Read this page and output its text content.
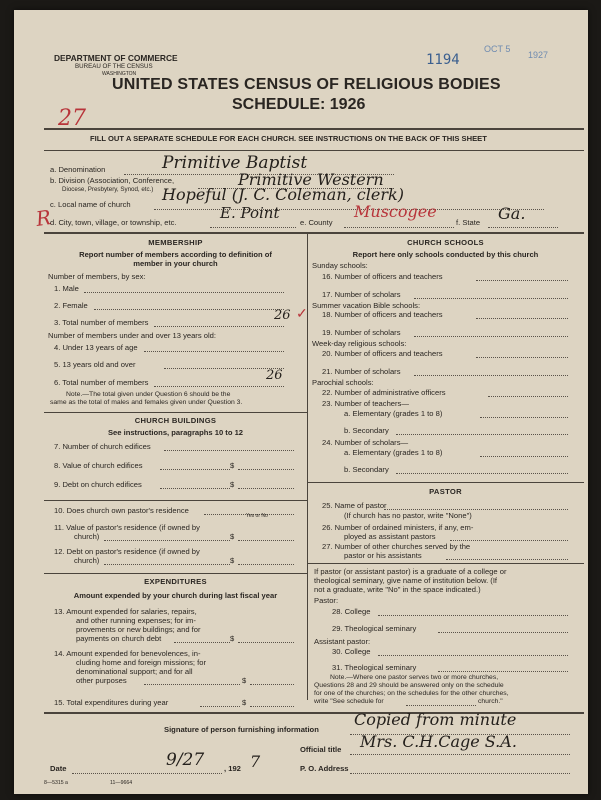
DEPARTMENT OF COMMERCE
BUREAU OF THE CENSUS
WASHINGTON
1194
OCT 5
1927
UNITED STATES CENSUS OF RELIGIOUS BODIES
SCHEDULE: 1926
27
FILL OUT A SEPARATE SCHEDULE FOR EACH CHURCH. SEE INSTRUCTIONS ON THE BACK OF THIS SHEET
a. Denomination	Primitive Baptist
b. Division (Association, Conference,
Diocese, Presbytery, Synod, etc.)
Primitive Western
c. Local name of church
Hopeful (J. C. Coleman, clerk)
R
d. City, town, village, or township, etc.
E. Point
e. County
Muscogee
f. State Ga.
MEMBERSHIP
Report number of members according to definition of
member in your church
Number of members, by sex:
1. Male
2. Female
3. Total number of members	26 ✓
Number of members under and over 13 years old:
4. Under 13 years of age
5. 13 years old and over
6. Total number of members	26
Note.—The total given under Question 6 should be the
same as the total of males and females given under Question 3.
CHURCH BUILDINGS
See instructions, paragraphs 10 to 12
7. Number of church edifices
8. Value of church edifices	$
9. Debt on church edifices	$
10. Does church own pastor's residence
Yes or No
11. Value of pastor's residence (if owned by
church)	$
12. Debt on pastor's residence (if owned by
church)	$
EXPENDITURES
Amount expended by your church during last fiscal year
13. Amount expended for salaries, repairs,
and other running expenses; for im-
provements or new buildings; and for
payments on church debt	$
14. Amount expended for benevolences, in-
cluding home and foreign missions; for
denominational support; and for all
other purposes	$
15. Total expenditures during year	$
CHURCH SCHOOLS
Report here only schools conducted by this church
Sunday schools:
16. Number of officers and teachers
17. Number of scholars
Summer vacation Bible schools:
18. Number of officers and teachers
19. Number of scholars
Week-day religious schools:
20. Number of officers and teachers
21. Number of scholars
Parochial schools:
22. Number of administrative officers
23. Number of teachers—
a. Elementary (grades 1 to 8)
b. Secondary
24. Number of scholars—
a. Elementary (grades 1 to 8)
b. Secondary
PASTOR
25. Name of pastor
(If church has no pastor, write "None")
26. Number of ordained ministers, if any, em-
ployed as assistant pastors
27. Number of other churches served by the
pastor or his assistants
If pastor (or assistant pastor) is a graduate of a college or
theological seminary, give name of institution below. (If
not a graduate, write "No" in the space indicated.)
Pastor:
28. College
29. Theological seminary
Assistant pastor:
30. College
31. Theological seminary
Note.—Where one pastor serves two or more churches,
Questions 28 and 29 should be answered only on the schedule
for one of the churches; on the schedules for the other churches,
write "See schedule for	church."
Signature of person furnishing information
Copied from minute
Official title Mrs. C.H.Cage S.A.
Date	9/27	, 192 7	P. O. Address
8—5315 a	11—9664
